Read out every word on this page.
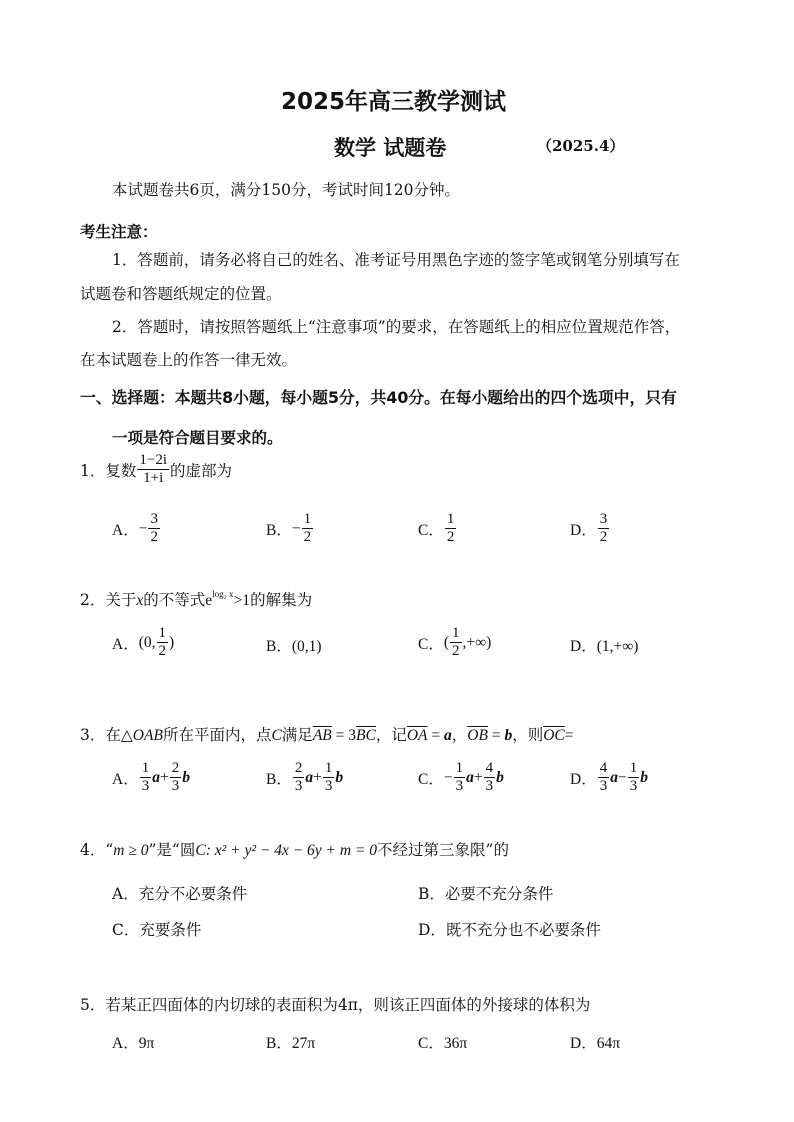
2025年高三教学测试
数学 试题卷	（2025.4）
本试题卷共6页，满分150分，考试时间120分钟。
考生注意：
1．答题前，请务必将自己的姓名、准考证号用黑色字迹的签字笔或钢笔分别填写在
试题卷和答题纸规定的位置。
2．答题时，请按照答题纸上“注意事项”的要求，在答题纸上的相应位置规范作答，
在本试题卷上的作答一律无效。
一、选择题：本题共8小题，每小题5分，共40分。在每小题给出的四个选项中，只有
一项是符合题目要求的。
1．复数 $\frac{1-2i}{1+i}$ 的虚部为
A． − $\frac{3}{2}$	B． − $\frac{1}{2}$	C． $\frac{1}{2}$	D． $\frac{3}{2}$
2．关于x的不等式$e^{log_2 x}>1$的解集为
A． (0, $\frac{1}{2}$ )	B．(0,1)	C． ( $\frac{1}{2}$ ,+∞)	D．(1,+∞)
3．在△OAB所在平面内，点C满足$\overline{AB} = 3\overline{BC}$，记$\overline{OA} = a$，$\overline{OB} = b$，则$\overline{OC}=$
A． $\frac{1}{3}$ $a + \frac{2}{3}$ b	B． $\frac{2}{3}$ $a + \frac{1}{3}$ b	C． − $\frac{1}{3}$ $a + \frac{4}{3}$ b	D． $\frac{4}{3}$ $a - \frac{1}{3}$ b
4．“m ≥ 0”是“圆C: x² + y² − 4x − 6y + m = 0不经过第三象限”的
A．充分不必要条件	B．必要不充分条件
C．充要条件	D．既不充分也不必要条件
5．若某正四面体的内切球的表面积为4π，则该正四面体的外接球的体积为
A．9π	B．27π	C．36π	D．64π
